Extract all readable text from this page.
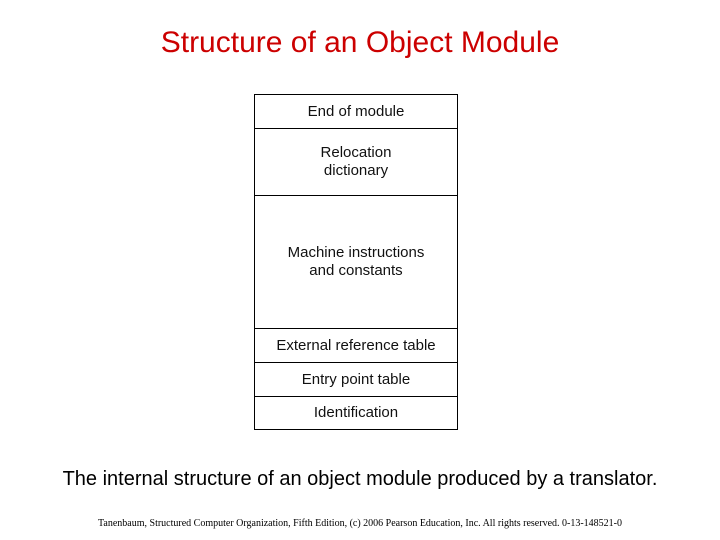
Structure of an Object Module
End of module
Relocation
dictionary
Machine instructions
and constants
External reference table
Entry point table
Identification
The internal structure of an object module produced by a translator.
Tanenbaum, Structured Computer Organization, Fifth Edition, (c) 2006 Pearson Education, Inc. All rights reserved. 0-13-148521-0
